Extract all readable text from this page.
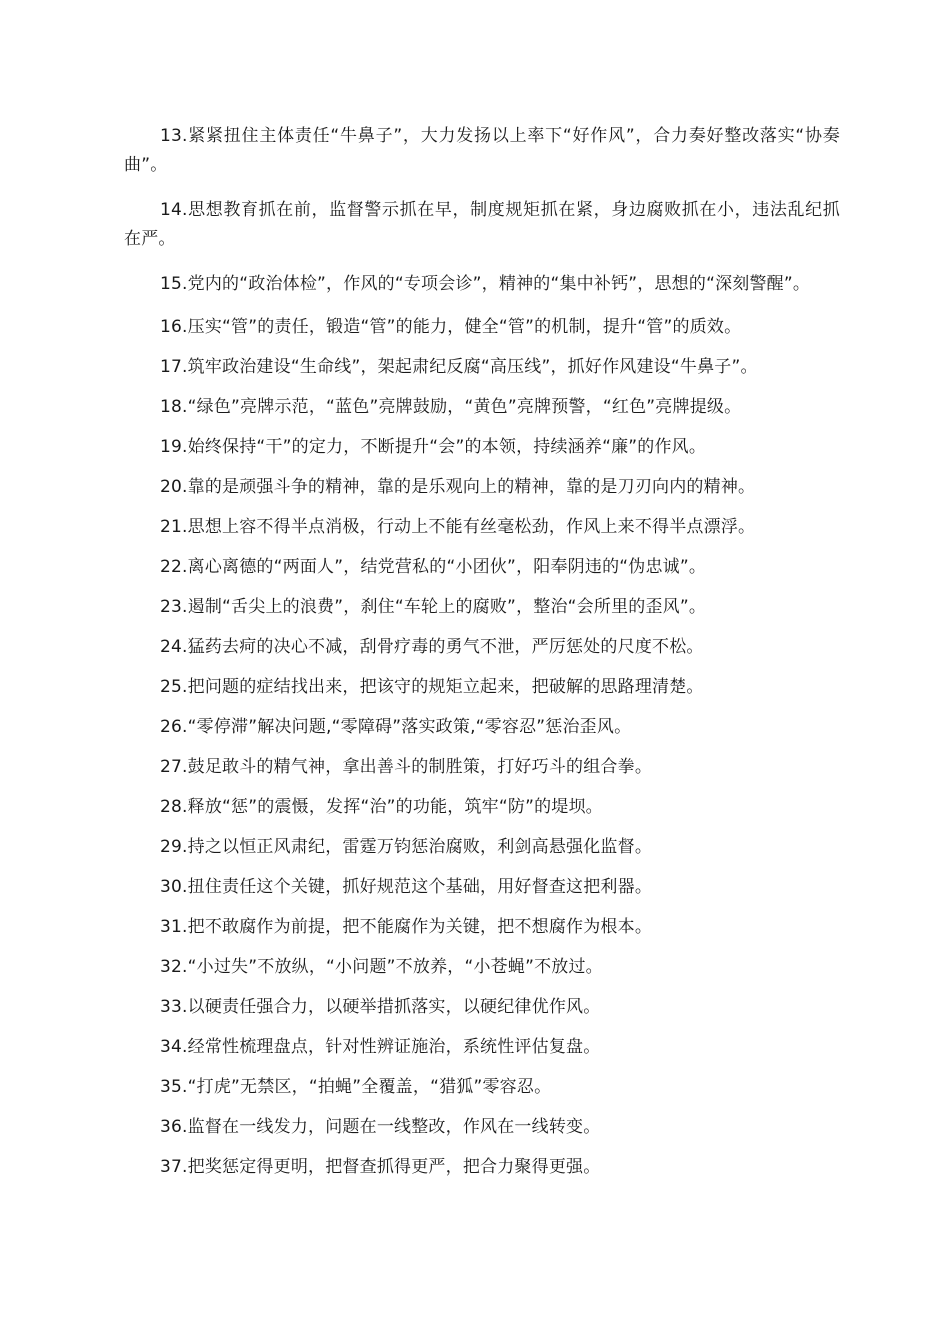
13.紧紧扭住主体责任“牛鼻子”，大力发扬以上率下“好作风”，合力奏好整改落实“协奏曲”。

14.思想教育抓在前，监督警示抓在早，制度规矩抓在紧，身边腐败抓在小，违法乱纪抓在严。

15.党内的“政治体检”，作风的“专项会诊”，精神的“集中补钙”，思想的“深刻警醒”。

16.压实“管”的责任，锻造“管”的能力，健全“管”的机制，提升“管”的质效。

17.筑牢政治建设“生命线”，架起肃纪反腐“高压线”，抓好作风建设“牛鼻子”。

18.“绿色”亮牌示范，“蓝色”亮牌鼓励，“黄色”亮牌预警，“红色”亮牌提级。

19.始终保持“干”的定力，不断提升“会”的本领，持续涵养“廉”的作风。

20.靠的是顽强斗争的精神，靠的是乐观向上的精神，靠的是刀刃向内的精神。

21.思想上容不得半点消极，行动上不能有丝毫松劲，作风上来不得半点漂浮。

22.离心离德的“两面人”，结党营私的“小团伙”，阳奉阴违的“伪忠诚”。

23.遏制“舌尖上的浪费”，刹住“车轮上的腐败”，整治“会所里的歪风”。

24.猛药去疴的决心不减，刮骨疗毒的勇气不泄，严厉惩处的尺度不松。

25.把问题的症结找出来，把该守的规矩立起来，把破解的思路理清楚。

26.“零停滞”解决问题,“零障碍”落实政策,“零容忍”惩治歪风。

27.鼓足敢斗的精气神，拿出善斗的制胜策，打好巧斗的组合拳。

28.释放“惩”的震慑，发挥“治”的功能，筑牢“防”的堤坝。

29.持之以恒正风肃纪，雷霆万钧惩治腐败，利剑高悬强化监督。

30.扭住责任这个关键，抓好规范这个基础，用好督查这把利器。

31.把不敢腐作为前提，把不能腐作为关键，把不想腐作为根本。

32.“小过失”不放纵，“小问题”不放养，“小苍蝇”不放过。

33.以硬责任强合力，以硬举措抓落实，以硬纪律优作风。

34.经常性梳理盘点，针对性辨证施治，系统性评估复盘。

35.“打虎”无禁区，“拍蝇”全覆盖，“猎狐”零容忍。

36.监督在一线发力，问题在一线整改，作风在一线转变。

37.把奖惩定得更明，把督查抓得更严，把合力聚得更强。
